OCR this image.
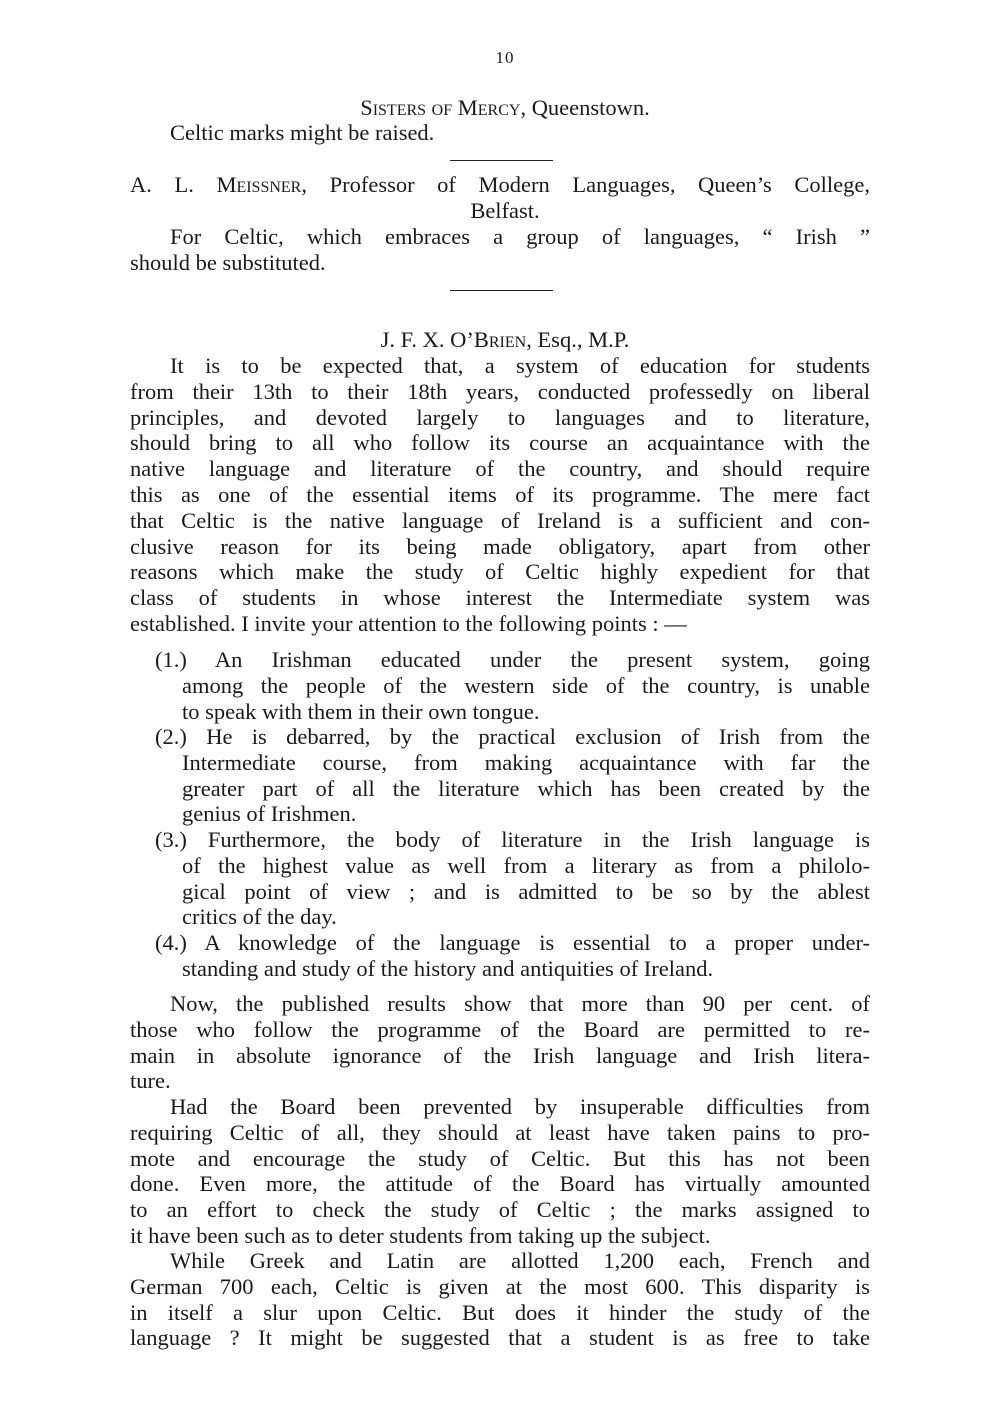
10
Sisters of Mercy, Queenstown.
Celtic marks might be raised.
A. L. Meissner, Professor of Modern Languages, Queen’s College,
Belfast.
For Celtic, which embraces a group of languages, “ Irish ”
should be substituted.
J. F. X. O’Brien, Esq., M.P.
It is to be expected that, a system of education for students
from their 13th to their 18th years, conducted professedly on liberal
principles, and devoted largely to languages and to literature,
should bring to all who follow its course an acquaintance with the
native language and literature of the country, and should require
this as one of the essential items of its programme. The mere fact
that Celtic is the native language of Ireland is a sufficient and con-
clusive reason for its being made obligatory, apart from other
reasons which make the study of Celtic highly expedient for that
class of students in whose interest the Intermediate system was
established. I invite your attention to the following points : —
(1.) An Irishman educated under the present system, going
among the people of the western side of the country, is unable
to speak with them in their own tongue.
(2.) He is debarred, by the practical exclusion of Irish from the
Intermediate course, from making acquaintance with far the
greater part of all the literature which has been created by the
genius of Irishmen.
(3.) Furthermore, the body of literature in the Irish language is
of the highest value as well from a literary as from a philolo-
gical point of view ; and is admitted to be so by the ablest
critics of the day.
(4.) A knowledge of the language is essential to a proper under-
standing and study of the history and antiquities of Ireland.
Now, the published results show that more than 90 per cent. of
those who follow the programme of the Board are permitted to re-
main in absolute ignorance of the Irish language and Irish litera-
ture.
Had the Board been prevented by insuperable difficulties from
requiring Celtic of all, they should at least have taken pains to pro-
mote and encourage the study of Celtic. But this has not been
done. Even more, the attitude of the Board has virtually amounted
to an effort to check the study of Celtic ; the marks assigned to
it have been such as to deter students from taking up the subject.
While Greek and Latin are allotted 1,200 each, French and
German 700 each, Celtic is given at the most 600. This disparity is
in itself a slur upon Celtic. But does it hinder the study of the
language ? It might be suggested that a student is as free to take
